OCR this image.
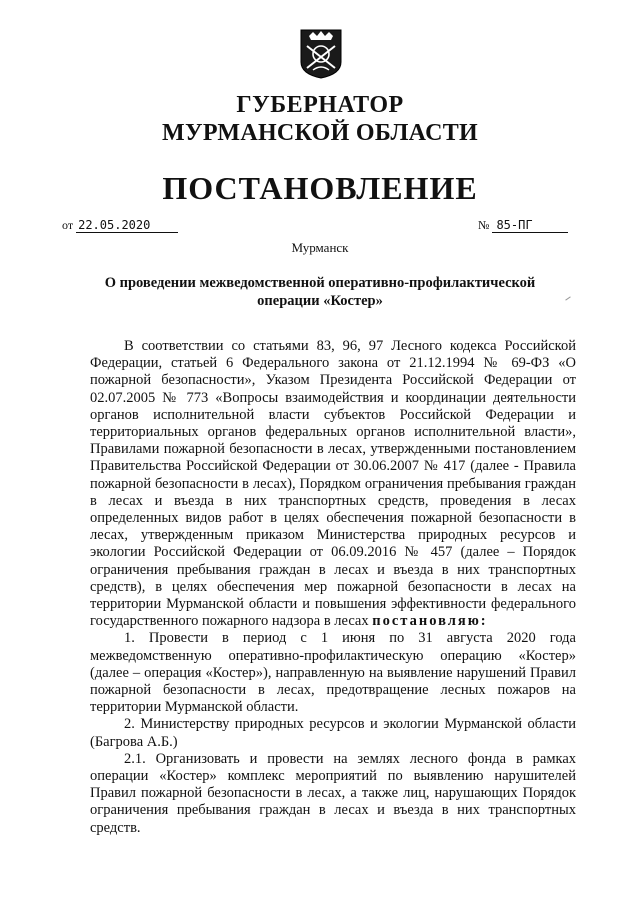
ГУБЕРНАТОР
МУРМАНСКОЙ ОБЛАСТИ
ПОСТАНОВЛЕНИЕ
от 22.05.2020	№ 85-ПГ
Мурманск
О проведении межведомственной оперативно-профилактической операции «Костер»

В соответствии со статьями 83, 96, 97 Лесного кодекса Российской Федерации, статьей 6 Федерального закона от 21.12.1994 № 69-ФЗ «О пожарной безопасности», Указом Президента Российской Федерации от 02.07.2005 № 773 «Вопросы взаимодействия и координации деятельности органов исполнительной власти субъектов Российской Федерации и территориальных органов федеральных органов исполнительной власти», Правилами пожарной безопасности в лесах, утвержденными постановлением Правительства Российской Федерации от 30.06.2007 № 417 (далее - Правила пожарной безопасности в лесах), Порядком ограничения пребывания граждан в лесах и въезда в них транспортных средств, проведения в лесах определенных видов работ в целях обеспечения пожарной безопасности в лесах, утвержденным приказом Министерства природных ресурсов и экологии Российской Федерации от 06.09.2016 № 457 (далее – Порядок ограничения пребывания граждан в лесах и въезда в них транспортных средств), в целях обеспечения мер пожарной безопасности в лесах на территории Мурманской области и повышения эффективности федерального государственного пожарного надзора в лесах постановляю:

1. Провести в период с 1 июня по 31 августа 2020 года межведомственную оперативно-профилактическую операцию «Костер» (далее – операция «Костер»), направленную на выявление нарушений Правил пожарной безопасности в лесах, предотвращение лесных пожаров на территории Мурманской области.

2. Министерству природных ресурсов и экологии Мурманской области (Багрова А.Б.)

2.1. Организовать и провести на землях лесного фонда в рамках операции «Костер» комплекс мероприятий по выявлению нарушителей Правил пожарной безопасности в лесах, а также лиц, нарушающих Порядок ограничения пребывания граждан в лесах и въезда в них транспортных средств.
